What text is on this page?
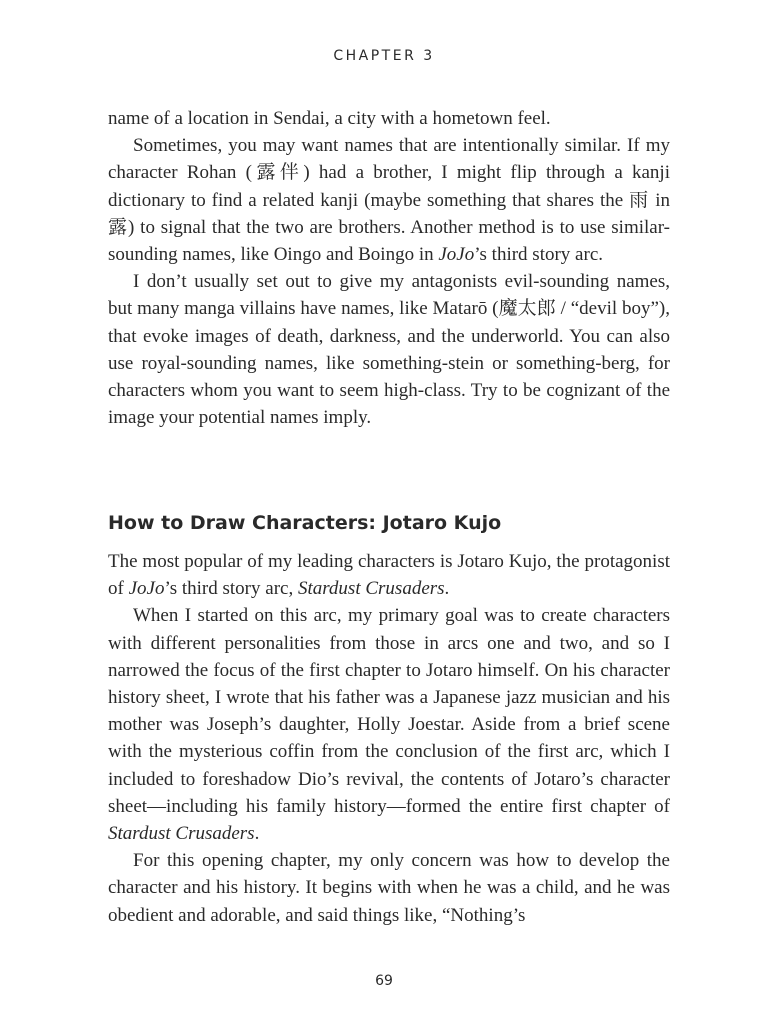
CHAPTER 3

name of a location in Sendai, a city with a hometown feel.

Sometimes, you may want names that are intentionally similar. If my character Rohan (露伴) had a brother, I might flip through a kanji dictionary to find a related kanji (maybe something that shares the 雨 in 露) to signal that the two are brothers. Another method is to use similar-sounding names, like Oingo and Boingo in JoJo’s third story arc.

I don’t usually set out to give my antagonists evil-sounding names, but many manga villains have names, like Matarō (魔太郎 / “devil boy”), that evoke images of death, darkness, and the underworld. You can also use royal-sounding names, like something-stein or something-berg, for characters whom you want to seem high-class. Try to be cognizant of the image your potential names imply.

How to Draw Characters: Jotaro Kujo

The most popular of my leading characters is Jotaro Kujo, the protagonist of JoJo’s third story arc, Stardust Crusaders.

When I started on this arc, my primary goal was to create characters with different personalities from those in arcs one and two, and so I narrowed the focus of the first chapter to Jotaro himself. On his character history sheet, I wrote that his father was a Japanese jazz musician and his mother was Joseph’s daughter, Holly Joestar. Aside from a brief scene with the mysterious coffin from the conclusion of the first arc, which I included to foreshadow Dio’s revival, the contents of Jotaro’s character sheet—including his family history—formed the entire first chapter of Stardust Crusaders.

For this opening chapter, my only concern was how to develop the character and his history. It begins with when he was a child, and he was obedient and adorable, and said things like, “Nothing’s

69
